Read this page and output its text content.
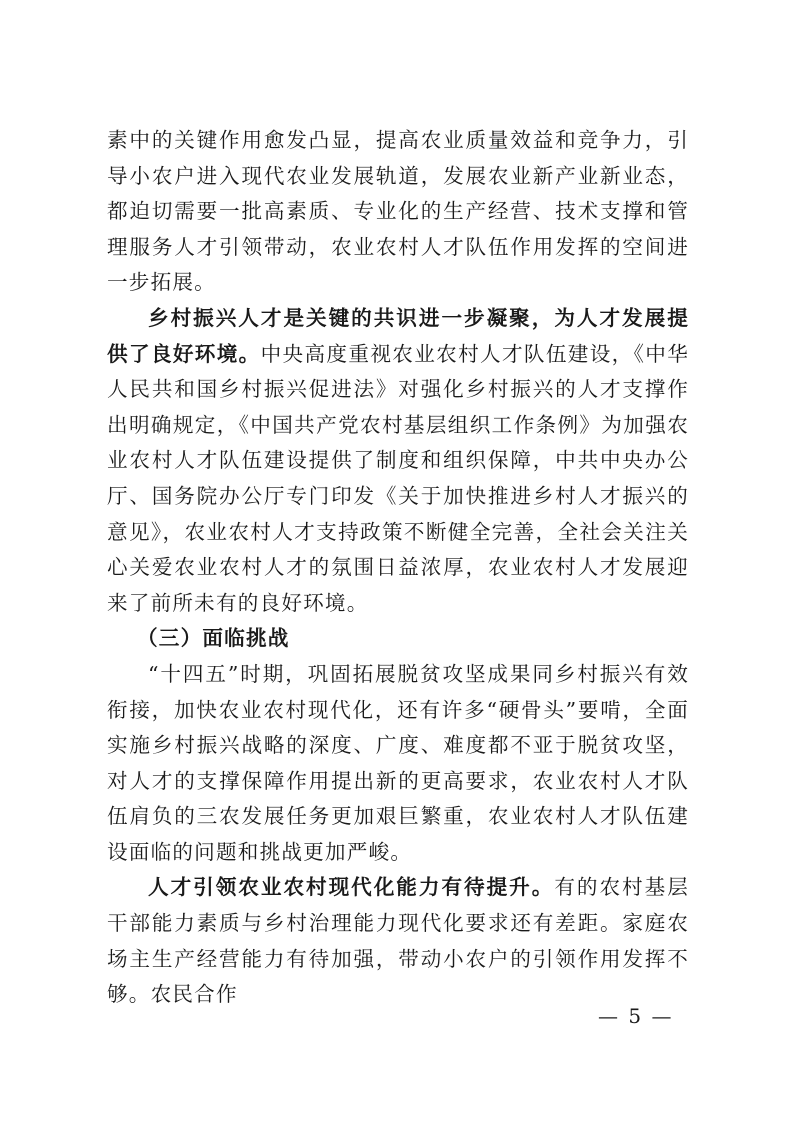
素中的关键作用愈发凸显，提高农业质量效益和竞争力，引导小农户进入现代农业发展轨道，发展农业新产业新业态，都迫切需要一批高素质、专业化的生产经营、技术支撑和管理服务人才引领带动，农业农村人才队伍作用发挥的空间进一步拓展。

乡村振兴人才是关键的共识进一步凝聚，为人才发展提供了良好环境。中央高度重视农业农村人才队伍建设，《中华人民共和国乡村振兴促进法》对强化乡村振兴的人才支撑作出明确规定，《中国共产党农村基层组织工作条例》为加强农业农村人才队伍建设提供了制度和组织保障，中共中央办公厅、国务院办公厅专门印发《关于加快推进乡村人才振兴的意见》，农业农村人才支持政策不断健全完善，全社会关注关心关爱农业农村人才的氛围日益浓厚，农业农村人才发展迎来了前所未有的良好环境。

（三）面临挑战

“十四五”时期，巩固拓展脱贫攻坚成果同乡村振兴有效衔接，加快农业农村现代化，还有许多“硬骨头”要啃，全面实施乡村振兴战略的深度、广度、难度都不亚于脱贫攻坚，对人才的支撑保障作用提出新的更高要求，农业农村人才队伍肩负的三农发展任务更加艰巨繁重，农业农村人才队伍建设面临的问题和挑战更加严峻。

人才引领农业农村现代化能力有待提升。有的农村基层干部能力素质与乡村治理能力现代化要求还有差距。家庭农场主生产经营能力有待加强，带动小农户的引领作用发挥不够。农民合作

— 5 —
